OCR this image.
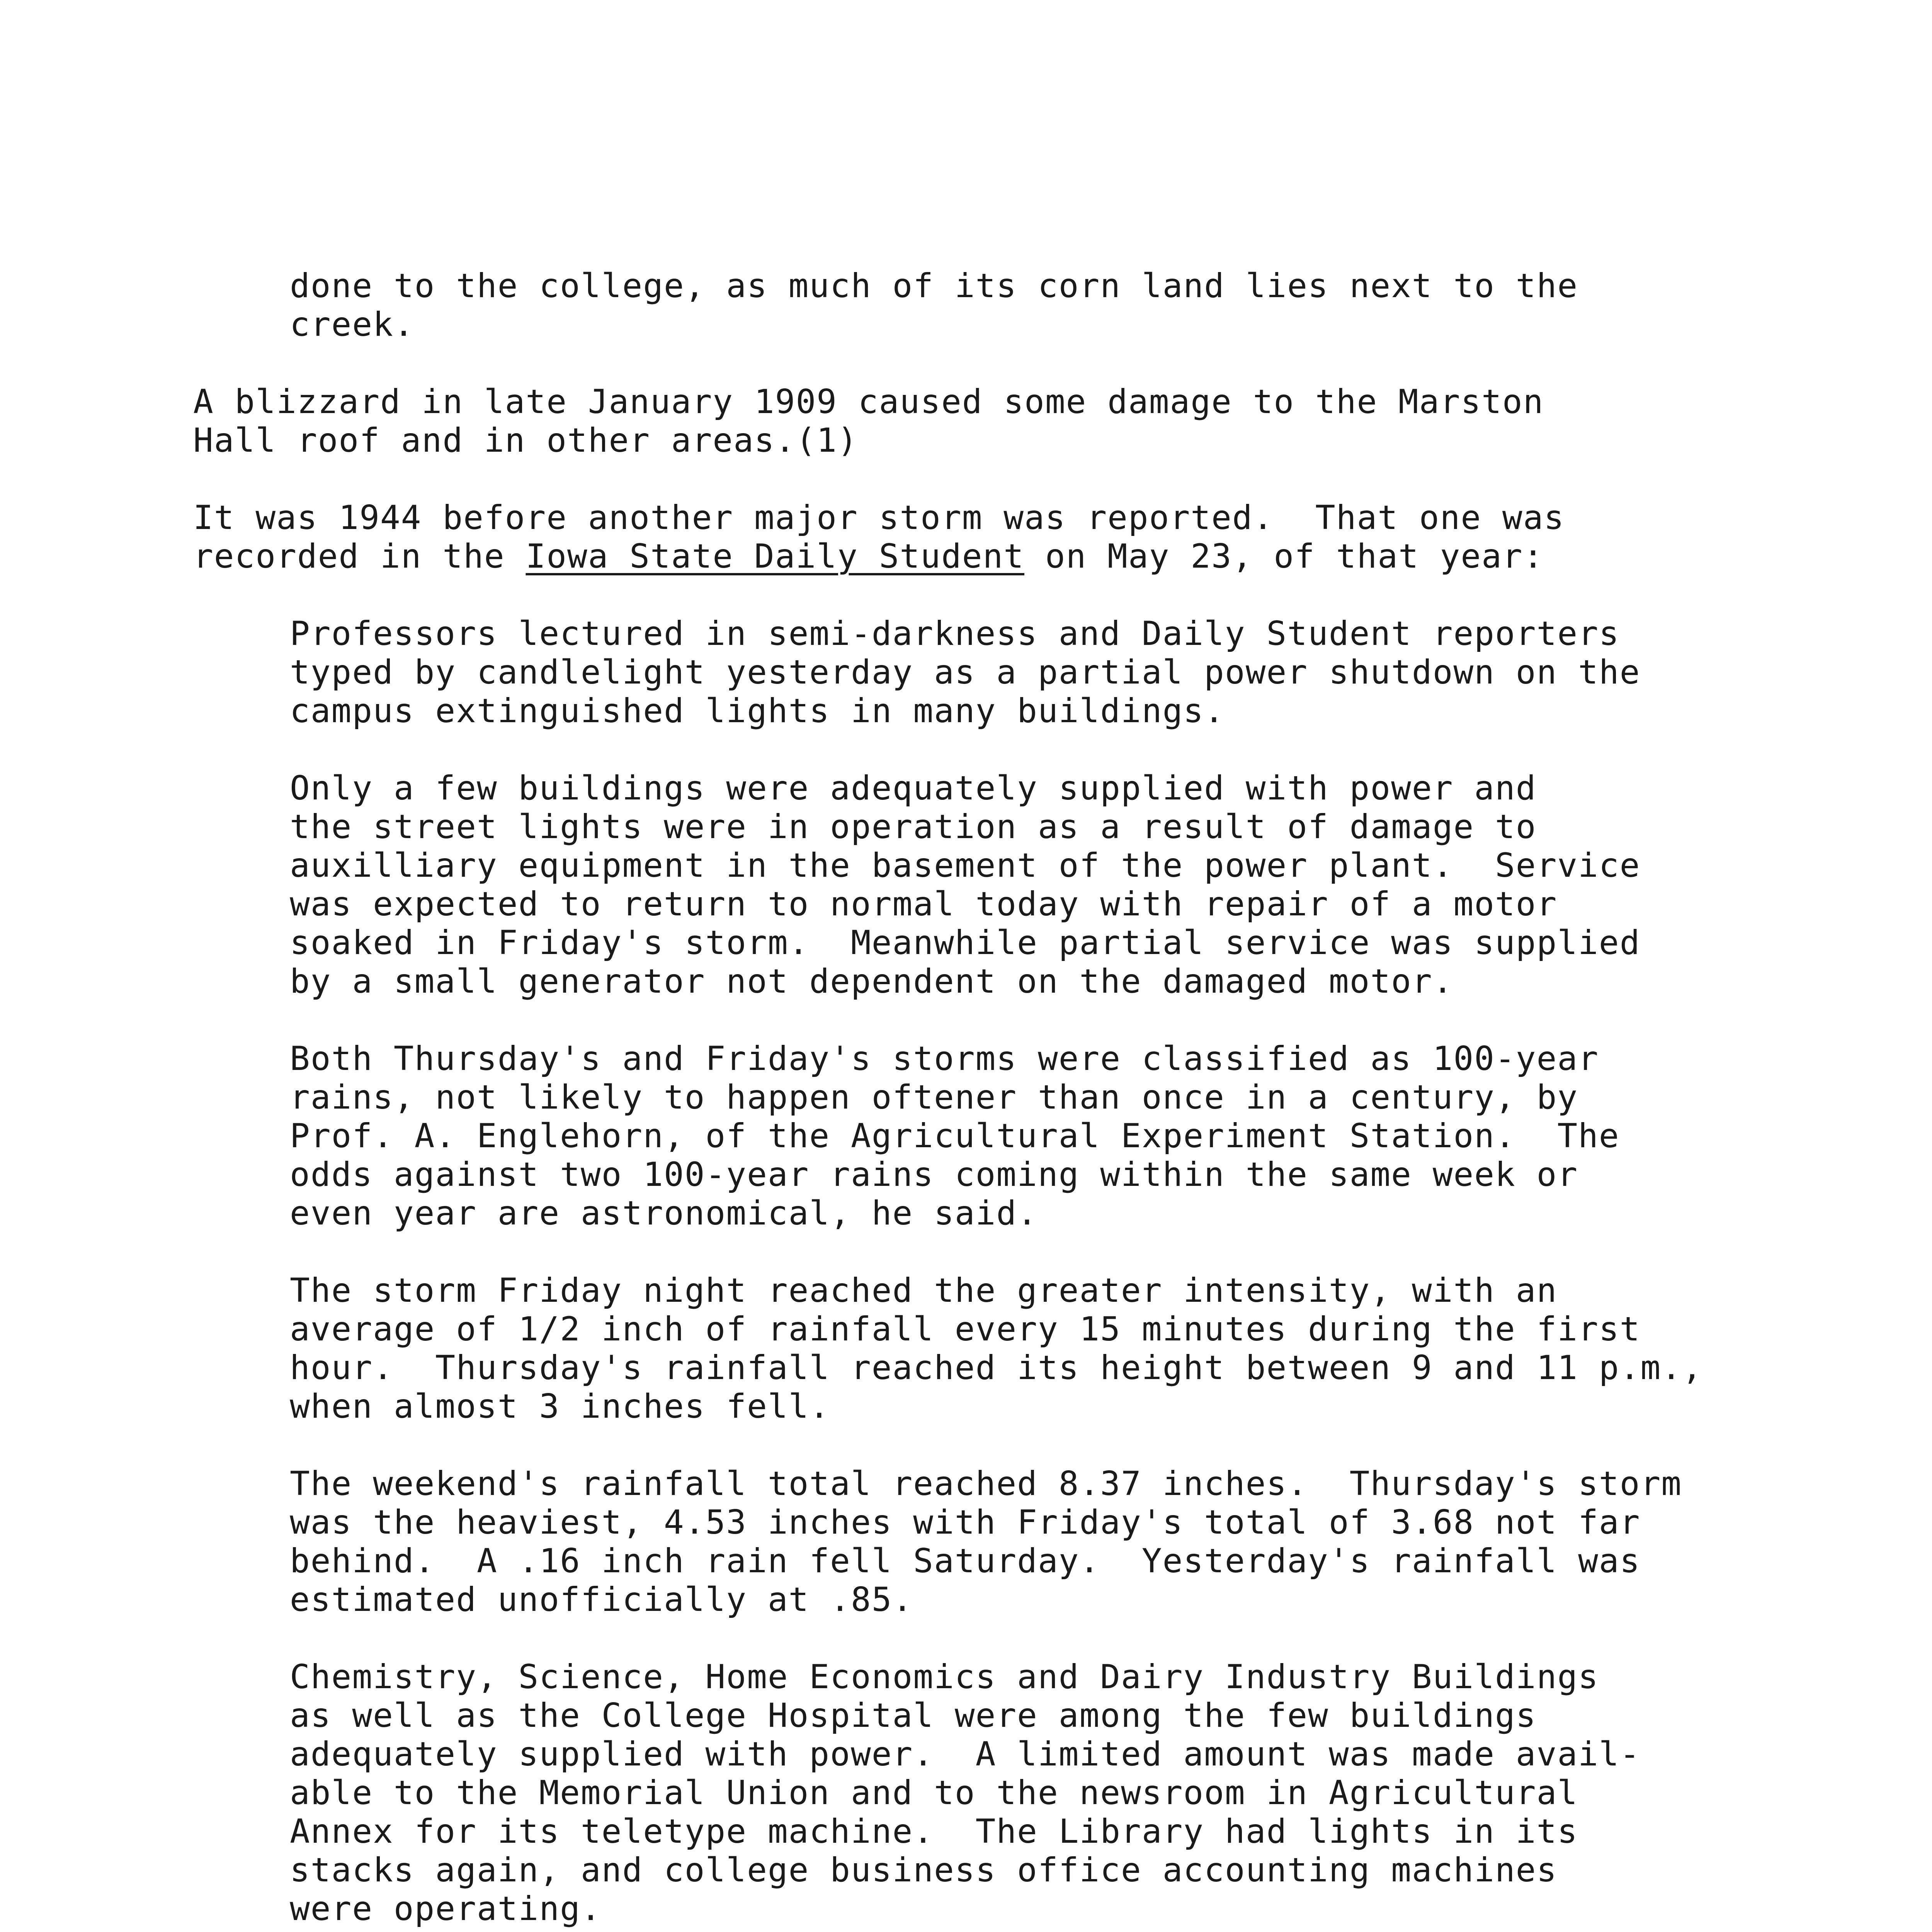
done to the college, as much of its corn land lies next to the
creek.
A blizzard in late January 1909 caused some damage to the Marston
Hall roof and in other areas.(1)
It was 1944 before another major storm was reported.  That one was
recorded in the Iowa State Daily Student on May 23, of that year:
Professors lectured in semi-darkness and Daily Student reporters
typed by candlelight yesterday as a partial power shutdown on the
campus extinguished lights in many buildings.
Only a few buildings were adequately supplied with power and
the street lights were in operation as a result of damage to
auxilliary equipment in the basement of the power plant.  Service
was expected to return to normal today with repair of a motor
soaked in Friday's storm.  Meanwhile partial service was supplied
by a small generator not dependent on the damaged motor.
Both Thursday's and Friday's storms were classified as 100-year
rains, not likely to happen oftener than once in a century, by
Prof. A. Englehorn, of the Agricultural Experiment Station.  The
odds against two 100-year rains coming within the same week or
even year are astronomical, he said.
The storm Friday night reached the greater intensity, with an
average of 1/2 inch of rainfall every 15 minutes during the first
hour.  Thursday's rainfall reached its height between 9 and 11 p.m.,
when almost 3 inches fell.
The weekend's rainfall total reached 8.37 inches.  Thursday's storm
was the heaviest, 4.53 inches with Friday's total of 3.68 not far
behind.  A .16 inch rain fell Saturday.  Yesterday's rainfall was
estimated unofficially at .85.
Chemistry, Science, Home Economics and Dairy Industry Buildings
as well as the College Hospital were among the few buildings
adequately supplied with power.  A limited amount was made avail-
able to the Memorial Union and to the newsroom in Agricultural
Annex for its teletype machine.  The Library had lights in its
stacks again, and college business office accounting machines
were operating.
